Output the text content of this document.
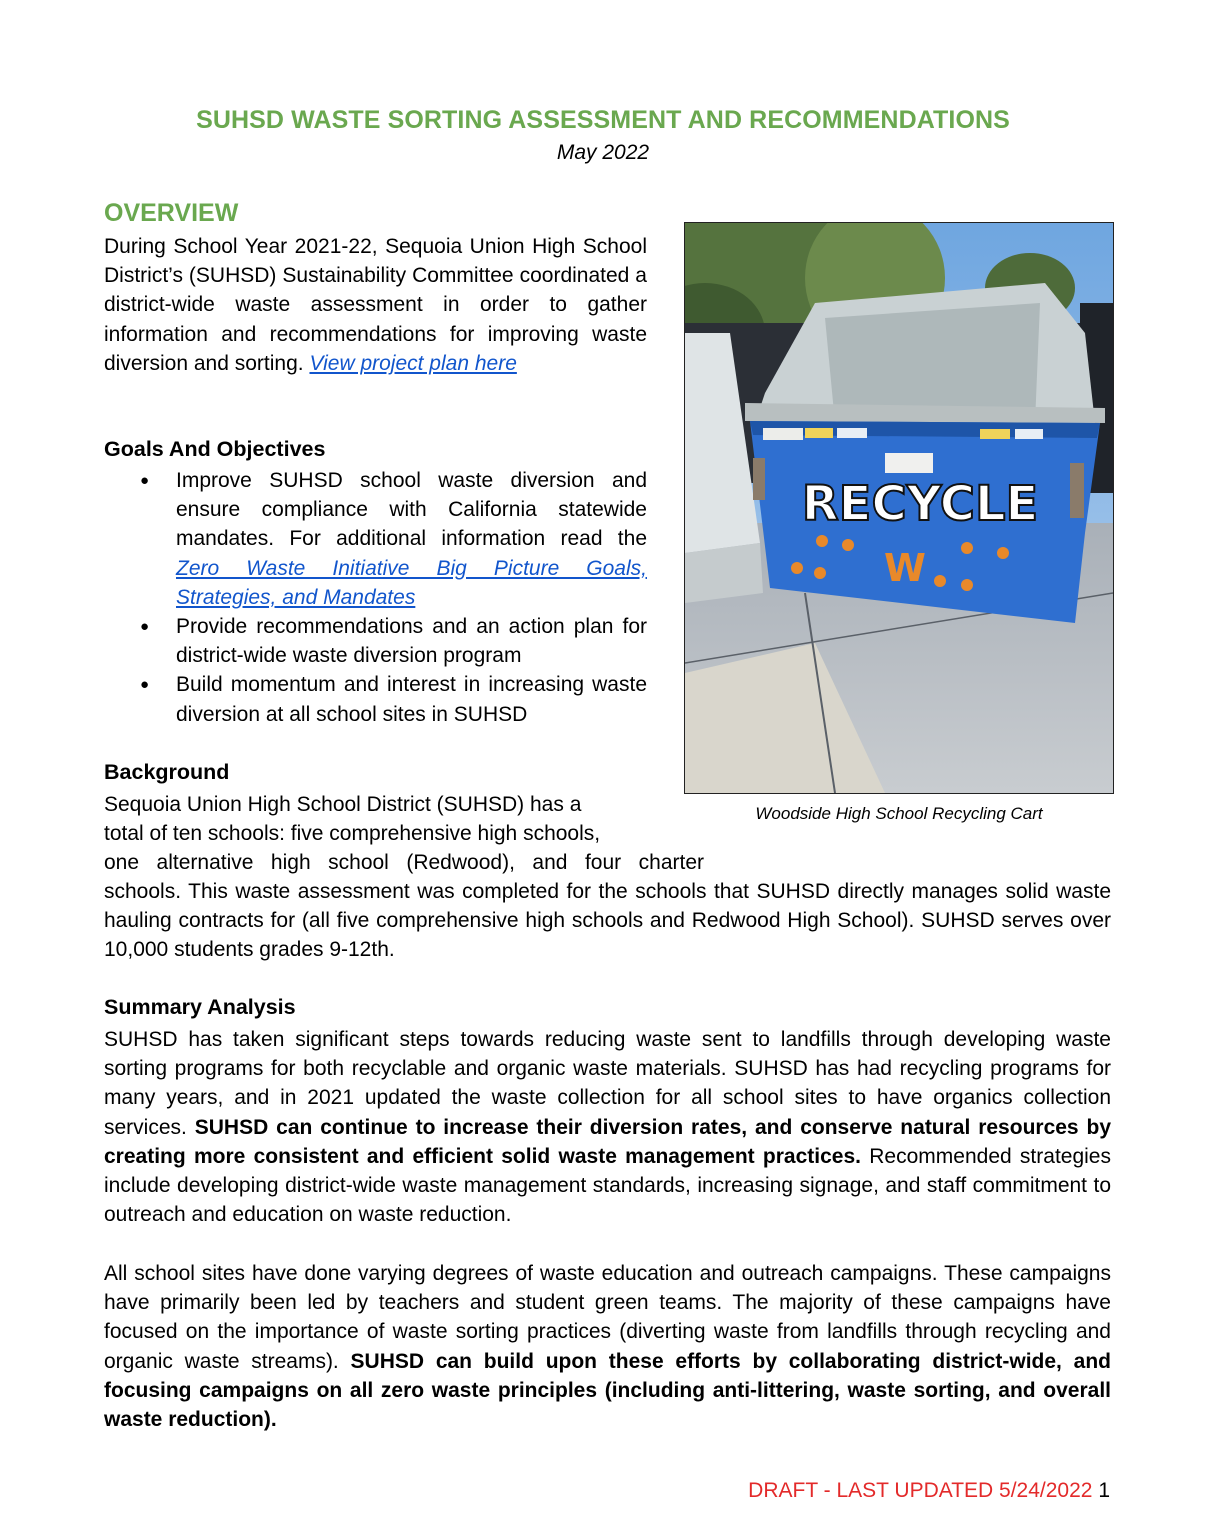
SUHSD WASTE SORTING ASSESSMENT AND RECOMMENDATIONS
May 2022
OVERVIEW

During School Year 2021-22, Sequoia Union High School District’s (SUHSD) Sustainability Committee coordinated a district-wide waste assessment in order to gather information and recommendations for improving waste diversion and sorting. View project plan here

Goals And Objectives
● Improve SUHSD school waste diversion and ensure compliance with California statewide mandates. For additional information read the Zero Waste Initiative Big Picture Goals, Strategies, and Mandates
● Provide recommendations and an action plan for district-wide waste diversion program
● Build momentum and interest in increasing waste diversion at all school sites in SUHSD
RECYCLE
W
Woodside High School Recycling Cart
Background
Sequoia Union High School District (SUHSD) has a
total of ten schools: five comprehensive high schools,
one alternative high school (Redwood), and four charter
schools. This waste assessment was completed for the schools that SUHSD directly manages solid waste hauling contracts for (all five comprehensive high schools and Redwood High School). SUHSD serves over 10,000 students grades 9-12th.
Summary Analysis

SUHSD has taken significant steps towards reducing waste sent to landfills through developing waste sorting programs for both recyclable and organic waste materials. SUHSD has had recycling programs for many years, and in 2021 updated the waste collection for all school sites to have organics collection services. SUHSD can continue to increase their diversion rates, and conserve natural resources by creating more consistent and efficient solid waste management practices. Recommended strategies include developing district-wide waste management standards, increasing signage, and staff commitment to outreach and education on waste reduction.

All school sites have done varying degrees of waste education and outreach campaigns. These campaigns have primarily been led by teachers and student green teams. The majority of these campaigns have focused on the importance of waste sorting practices (diverting waste from landfills through recycling and organic waste streams). SUHSD can build upon these efforts by collaborating district-wide, and focusing campaigns on all zero waste principles (including anti-littering, waste sorting, and overall waste reduction).

DRAFT - LAST UPDATED 5/24/2022 1
